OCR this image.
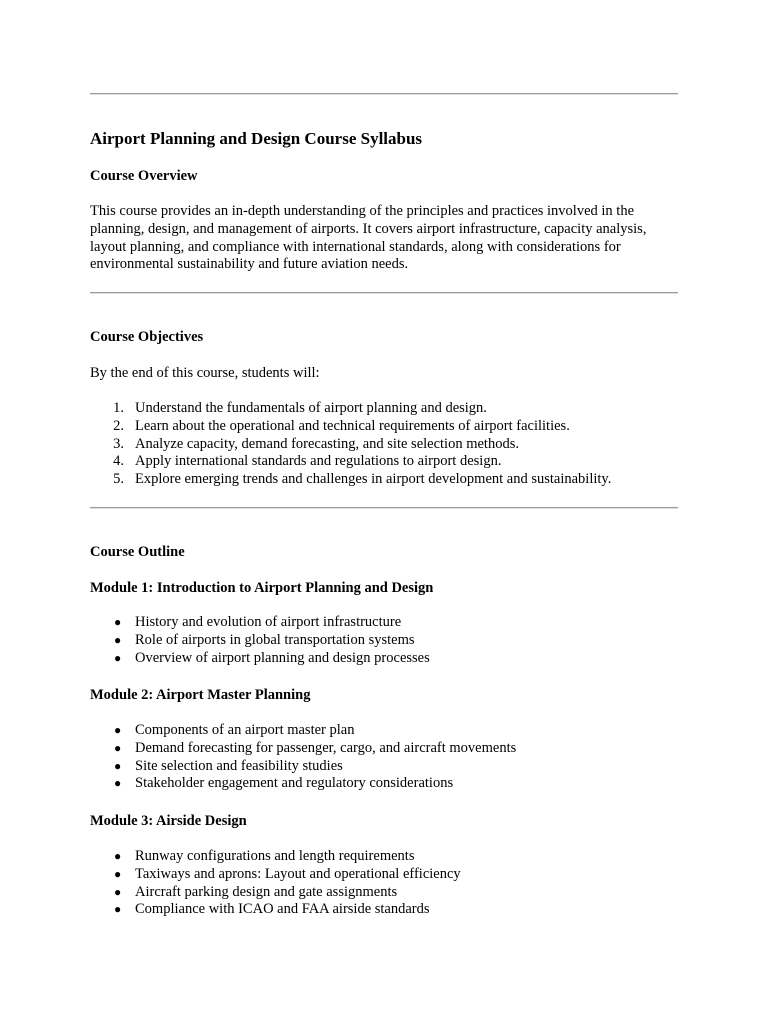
Airport Planning and Design Course Syllabus
Course Overview
This course provides an in-depth understanding of the principles and practices involved in the planning, design, and management of airports. It covers airport infrastructure, capacity analysis, layout planning, and compliance with international standards, along with considerations for environmental sustainability and future aviation needs.
Course Objectives
By the end of this course, students will:
1. Understand the fundamentals of airport planning and design.
2. Learn about the operational and technical requirements of airport facilities.
3. Analyze capacity, demand forecasting, and site selection methods.
4. Apply international standards and regulations to airport design.
5. Explore emerging trends and challenges in airport development and sustainability.
Course Outline
Module 1: Introduction to Airport Planning and Design
● History and evolution of airport infrastructure
● Role of airports in global transportation systems
● Overview of airport planning and design processes
Module 2: Airport Master Planning
● Components of an airport master plan
● Demand forecasting for passenger, cargo, and aircraft movements
● Site selection and feasibility studies
● Stakeholder engagement and regulatory considerations
Module 3: Airside Design
● Runway configurations and length requirements
● Taxiways and aprons: Layout and operational efficiency
● Aircraft parking design and gate assignments
● Compliance with ICAO and FAA airside standards
